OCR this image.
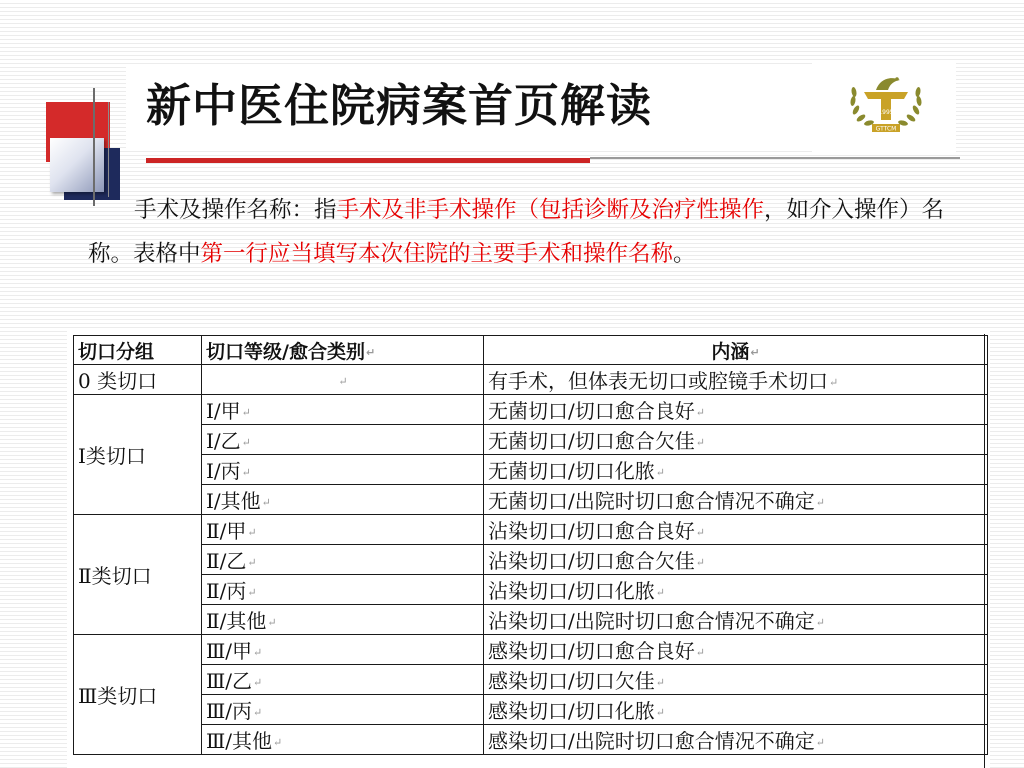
新中医住院病案首页解读	1995
GTTCM

手术及操作名称：指手术及非手术操作（包括诊断及治疗性操作，如介入操作）名称。表格中第一行应当填写本次住院的主要手术和操作名称。

切口分组	切口等级/愈合类别↵	内涵↵
0 类切口	↵	有手术，但体表无切口或腔镜手术切口↵
Ⅰ类切口	Ⅰ/甲↵	无菌切口/切口愈合良好↵
	Ⅰ/乙↵	无菌切口/切口愈合欠佳↵
	Ⅰ/丙↵	无菌切口/切口化脓↵
	Ⅰ/其他↵	无菌切口/出院时切口愈合情况不确定↵
Ⅱ类切口	Ⅱ/甲↵	沾染切口/切口愈合良好↵
	Ⅱ/乙↵	沾染切口/切口愈合欠佳↵
	Ⅱ/丙↵	沾染切口/切口化脓↵
	Ⅱ/其他↵	沾染切口/出院时切口愈合情况不确定↵
Ⅲ类切口	Ⅲ/甲↵	感染切口/切口愈合良好↵
	Ⅲ/乙↵	感染切口/切口欠佳↵
	Ⅲ/丙↵	感染切口/切口化脓↵
	Ⅲ/其他↵	感染切口/出院时切口愈合情况不确定↵
